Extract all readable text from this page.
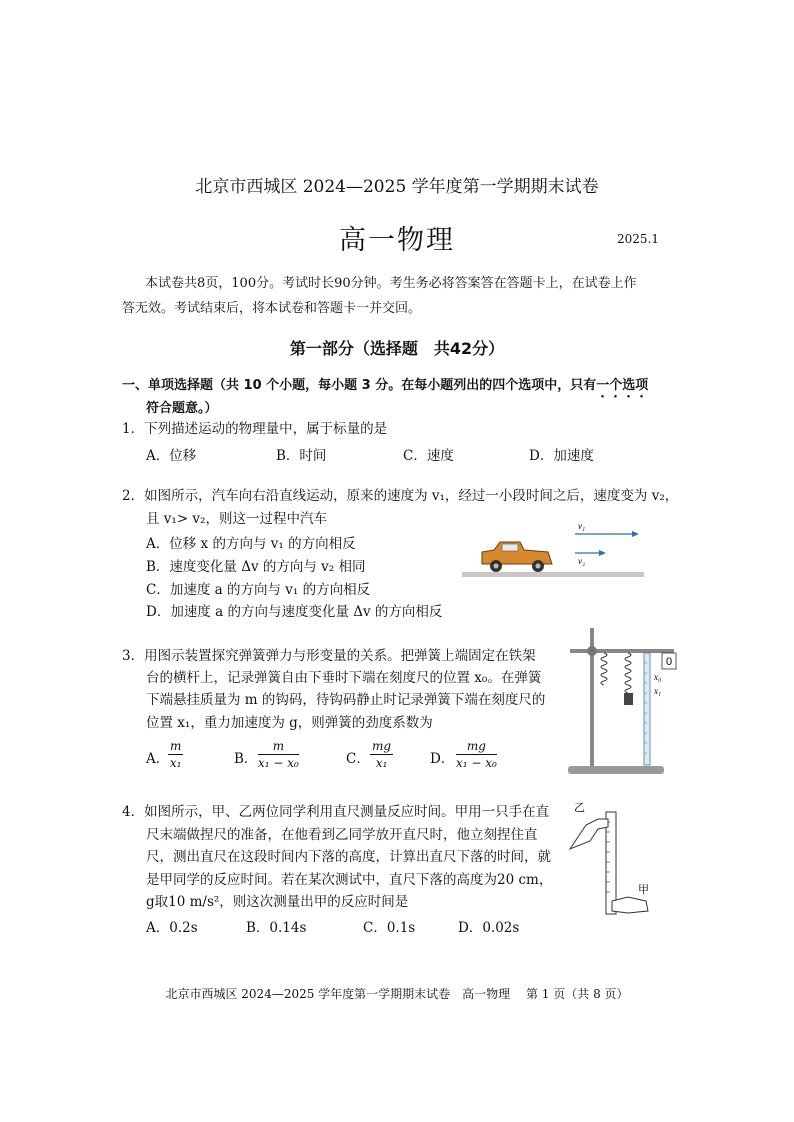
北京市西城区 2024—2025 学年度第一学期期末试卷
高一物理	2025.1
本试卷共8页，100分。考试时长90分钟。考生务必将答案答在答题卡上，在试卷上作
答无效。考试结束后，将本试卷和答题卡一并交回。
第一部分（选择题　共42分）
一、单项选择题（共 10 个小题，每小题 3 分。在每小题列出的四个选项中，只有一个选项
符合题意。）
1．下列描述运动的物理量中，属于标量的是
A．位移	B．时间	C．速度	D．加速度
2．如图所示，汽车向右沿直线运动，原来的速度为 v₁，经过一小段时间之后，速度变为 v₂，
且 v₁> v₂，则这一过程中汽车
A．位移 x 的方向与 v₁ 的方向相反
B．速度变化量 Δv 的方向与 v₂ 相同
C．加速度 a 的方向与 v₁ 的方向相反
D．加速度 a 的方向与速度变化量 Δv 的方向相反
v₁
v₂
3．用图示装置探究弹簧弹力与形变量的关系。把弹簧上端固定在铁架
台的横杆上，记录弹簧自由下垂时下端在刻度尺的位置 x₀。在弹簧
下端悬挂质量为 m 的钩码，待钩码静止时记录弹簧下端在刻度尺的
位置 x₁，重力加速度为 g，则弹簧的劲度系数为
A．
$\frac{m}{\text{x₁}}$	B． $\frac{m}{\text{x₁ − x₀}}$	C． $\frac{mg}{\text{x₁}}$	D． $\frac{mg}{\text{x₁ − x₀}}$
0
x₀
x₁
4．如图所示，甲、乙两位同学利用直尺测量反应时间。甲用一只手在直
尺末端做捏尺的准备，在他看到乙同学放开直尺时，他立刻捏住直
尺，测出直尺在这段时间内下落的高度，计算出直尺下落的时间，就
是甲同学的反应时间。若在某次测试中，直尺下落的高度为20 cm，
g取10 m/s²，则这次测量出甲的反应时间是
A．0.2s	B．0.14s	C．0.1s	D．0.02s
乙
甲
北京市西城区 2024—2025 学年度第一学期期末试卷　高一物理　 第 1 页（共 8 页）
